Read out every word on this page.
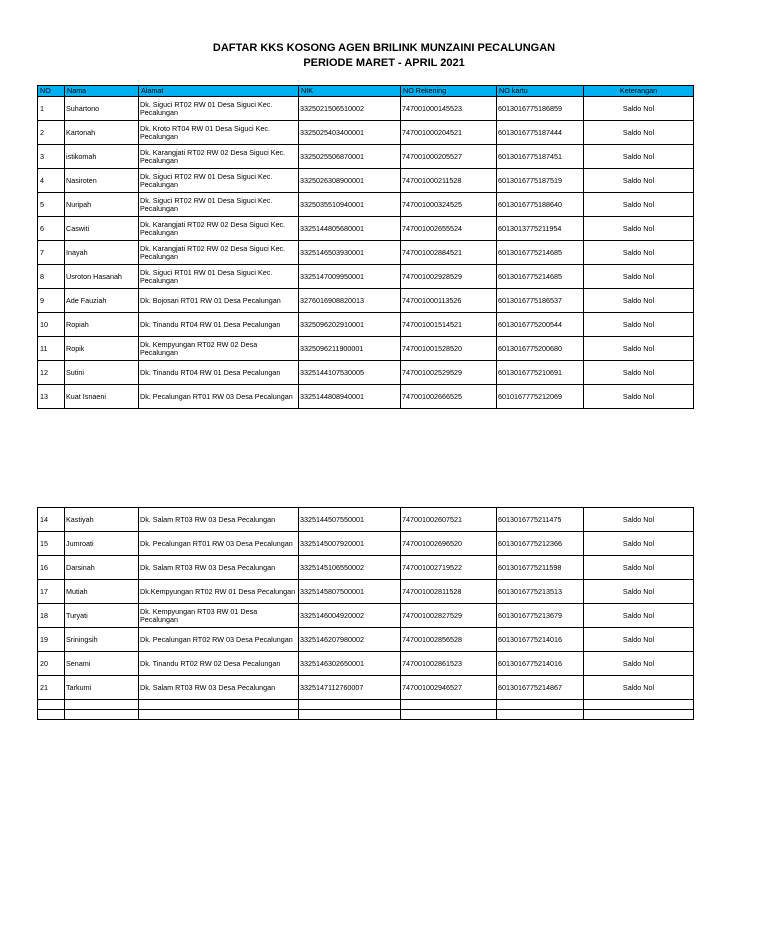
DAFTAR KKS KOSONG AGEN BRILINK MUNZAINI PECALUNGAN
PERIODE MARET - APRIL 2021
NO	Nama	Alamat	NIK	NO Rekening	NO kartu	Keterangan
1	Suhartono	Dk. Siguci RT02 RW 01 Desa Siguci Kec. Pecalungan	3325021506510002	747001000145523	6013016775186859	Saldo Nol
2	Kartonah	Dk. Kroto RT04 RW 01 Desa Siguci Kec. Pecalungan	3325025403400001	747001000204521	6013016775187444	Saldo Nol
3	istikomah	Dk. Karangjati RT02 RW 02 Desa Siguci Kec. Pecalungan	3325025506870001	747001000205527	6013016775187451	Saldo Nol
4	Nasiroten	Dk. Siguci RT02 RW 01 Desa Siguci Kec. Pecalungan	3325026308900001	747001000211528	6013016775187519	Saldo Nol
5	Nuripah	Dk. Siguci RT02 RW 01 Desa Siguci Kec. Pecalungan	3325035510940001	747001000324525	6013016775188640	Saldo Nol
6	Caswiti	Dk. Karangjati RT02 RW 02 Desa Siguci Kec. Pecalungan	3325144805680001	747001002655524	6013013775211954	Saldo Nol
7	Inayah	Dk. Karangjati RT02 RW 02 Desa Siguci Kec. Pecalungan	3325146503930001	747001002884521	6013016775214685	Saldo Nol
8	Usroton Hasanah	Dk. Siguci RT01 RW 01 Desa Siguci Kec. Pecalungan	3325147009950001	747001002928529	6013016775214685	Saldo Nol
9	Ade Fauziah	Dk. Bojosari RT01 RW 01 Desa Pecalungan	3276016908820013	747001000113526	6013016775186537	Saldo Nol
10	Ropiah	Dk. Tinandu RT04 RW 01 Desa Pecalungan	3325096202910001	747001001514521	6013016775200544	Saldo Nol
11	Ropik	Dk. Kempyungan RT02 RW 02 Desa Pecalungan	3325096211900001	747001001528520	6013016775200680	Saldo Nol
12	Sutini	Dk. Tinandu RT04 RW 01 Desa Pecalungan	3325144107530005	747001002529529	6013016775210691	Saldo Nol
13	Kuat Isnaeni	Dk. Pecalungan RT01 RW 03 Desa Pecalungan	3325144808940001	747001002666525	6010167775212069	Saldo Nol
14	Kastiyah	Dk. Salam RT03 RW 03 Desa Pecalungan	3325144507550001	747001002607521	6013016775211475	Saldo Nol
15	Jumroati	Dk. Pecalungan RT01 RW 03 Desa Pecalungan	3325145007920001	747001002696520	6013016775212366	Saldo Nol
16	Darsinah	Dk. Salam RT03 RW 03 Desa Pecalungan	3325145106550002	747001002719522	6013016775211598	Saldo Nol
17	Mutiah	Dk.Kempyungan RT02 RW 01 Desa Pecalungan	3325145807500001	747001002811528	6013016775213513	Saldo Nol
18	Turyati	Dk. Kempyungan RT03 RW 01 Desa Pecalungan	3325146004920002	747001002827529	6013016775213679	Saldo Nol
19	Sriningsih	Dk. Pecalungan RT02 RW 03 Desa Pecalungan	3325146207980002	747001002856528	6013016775214016	Saldo Nol
20	Senami	Dk. Tinandu RT02 RW 02 Desa Pecalungan	3325146302650001	747001002861523	6013016775214016	Saldo Nol
21	Tarkumi	Dk. Salam RT03 RW 03 Desa Pecalungan	3325147112760007	747001002946527	6013016775214867	Saldo Nol
